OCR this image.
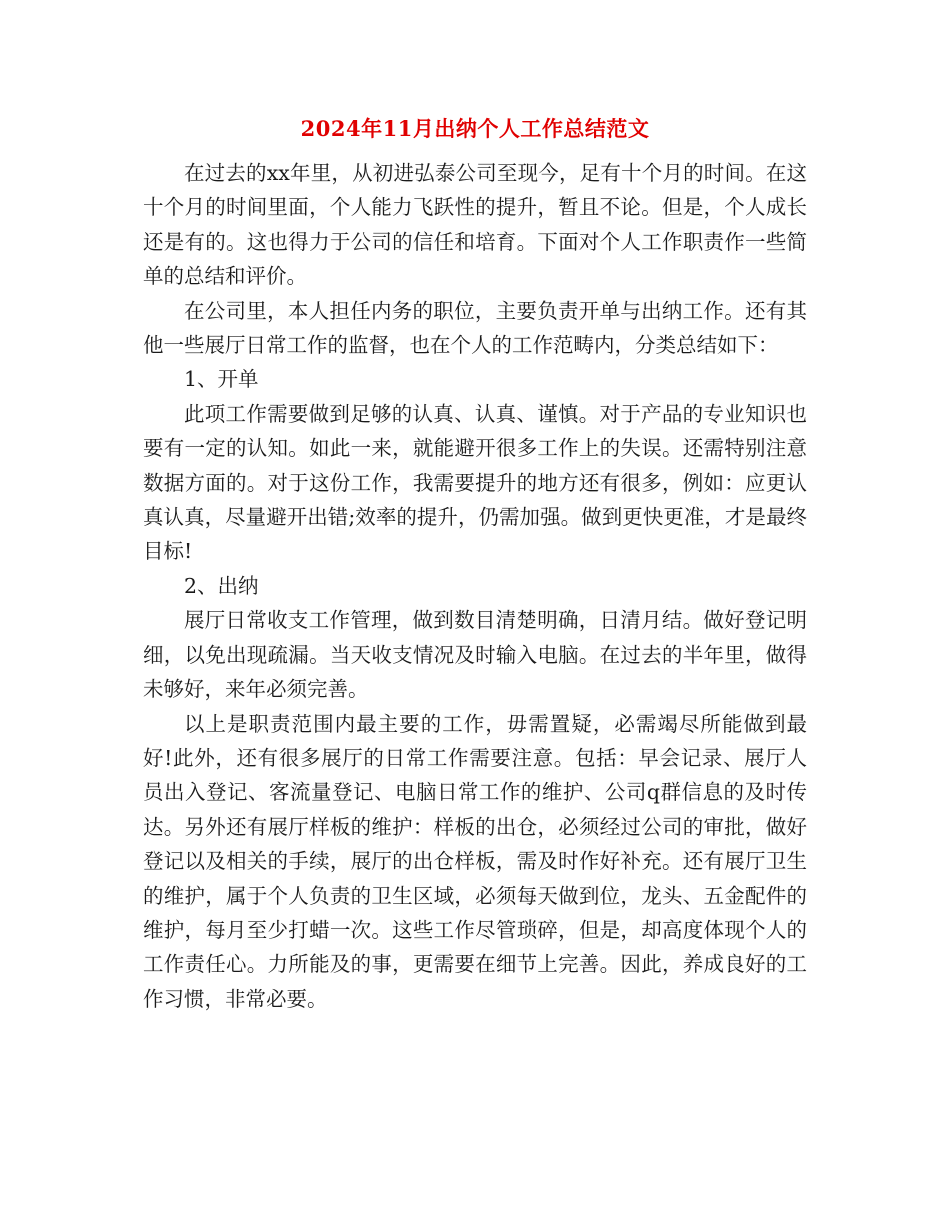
2024年11月出纳个人工作总结范文

在过去的xx年里，从初进弘泰公司至现今，足有十个月的时间。在这十个月的时间里面，个人能力飞跃性的提升，暂且不论。但是，个人成长还是有的。这也得力于公司的信任和培育。下面对个人工作职责作一些简单的总结和评价。

在公司里，本人担任内务的职位，主要负责开单与出纳工作。还有其他一些展厅日常工作的监督，也在个人的工作范畴内，分类总结如下：

1、开单

此项工作需要做到足够的认真、认真、谨慎。对于产品的专业知识也要有一定的认知。如此一来，就能避开很多工作上的失误。还需特别注意数据方面的。对于这份工作，我需要提升的地方还有很多，例如：应更认真认真，尽量避开出错;效率的提升，仍需加强。做到更快更准，才是最终目标!

2、出纳

展厅日常收支工作管理，做到数目清楚明确，日清月结。做好登记明细，以免出现疏漏。当天收支情况及时输入电脑。在过去的半年里，做得未够好，来年必须完善。

以上是职责范围内最主要的工作，毋需置疑，必需竭尽所能做到最好!此外，还有很多展厅的日常工作需要注意。包括：早会记录、展厅人员出入登记、客流量登记、电脑日常工作的维护、公司q群信息的及时传达。另外还有展厅样板的维护：样板的出仓，必须经过公司的审批，做好登记以及相关的手续，展厅的出仓样板，需及时作好补充。还有展厅卫生的维护，属于个人负责的卫生区域，必须每天做到位，龙头、五金配件的维护，每月至少打蜡一次。这些工作尽管琐碎，但是，却高度体现个人的工作责任心。力所能及的事，更需要在细节上完善。因此，养成良好的工作习惯，非常必要。
